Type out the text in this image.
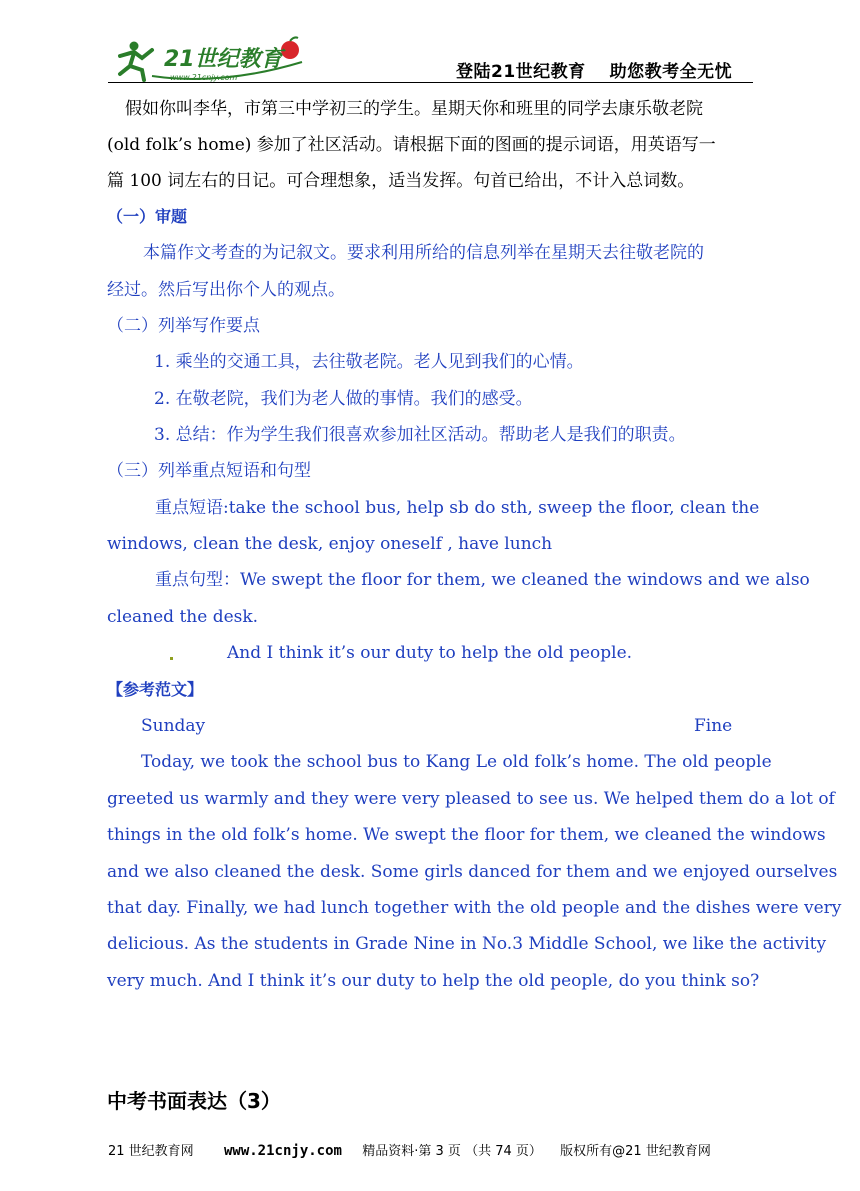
21世纪教育
www.21cnjy.com	登陆21世纪教育　 助您教考全无忧
假如你叫李华，市第三中学初三的学生。星期天你和班里的同学去康乐敬老院
(old folk’s home) 参加了社区活动。请根据下面的图画的提示词语，用英语写一
篇 100 词左右的日记。可合理想象，适当发挥。句首已给出，不计入总词数。
（一）审题
本篇作文考查的为记叙文。要求利用所给的信息列举在星期天去往敬老院的
经过。然后写出你个人的观点。
（二）列举写作要点
1. 乘坐的交通工具，去往敬老院。老人见到我们的心情。
2. 在敬老院，我们为老人做的事情。我们的感受。
3. 总结：作为学生我们很喜欢参加社区活动。帮助老人是我们的职责。
（三）列举重点短语和句型
重点短语:take the school bus, help sb do sth, sweep the floor, clean the
windows, clean the desk, enjoy oneself , have lunch
重点句型：We swept the floor for them, we cleaned the windows and we also
cleaned the desk.
And I think it’s our duty to help the old people.
【参考范文】
Sunday	Fine
Today, we took the school bus to Kang Le old folk’s home. The old people
greeted us warmly and they were very pleased to see us. We helped them do a lot of
things in the old folk’s home. We swept the floor for them, we cleaned the windows
and we also cleaned the desk. Some girls danced for them and we enjoyed ourselves
that day. Finally, we had lunch together with the old people and the dishes were very
delicious. As the students in Grade Nine in No.3 Middle School, we like the activity
very much. And I think it’s our duty to help the old people, do you think so?
中考书面表达（3）
21 世纪教育网 www.21cnjy.com 精品资料·第 3 页 （共 74 页） 版权所有@21 世纪教育网
